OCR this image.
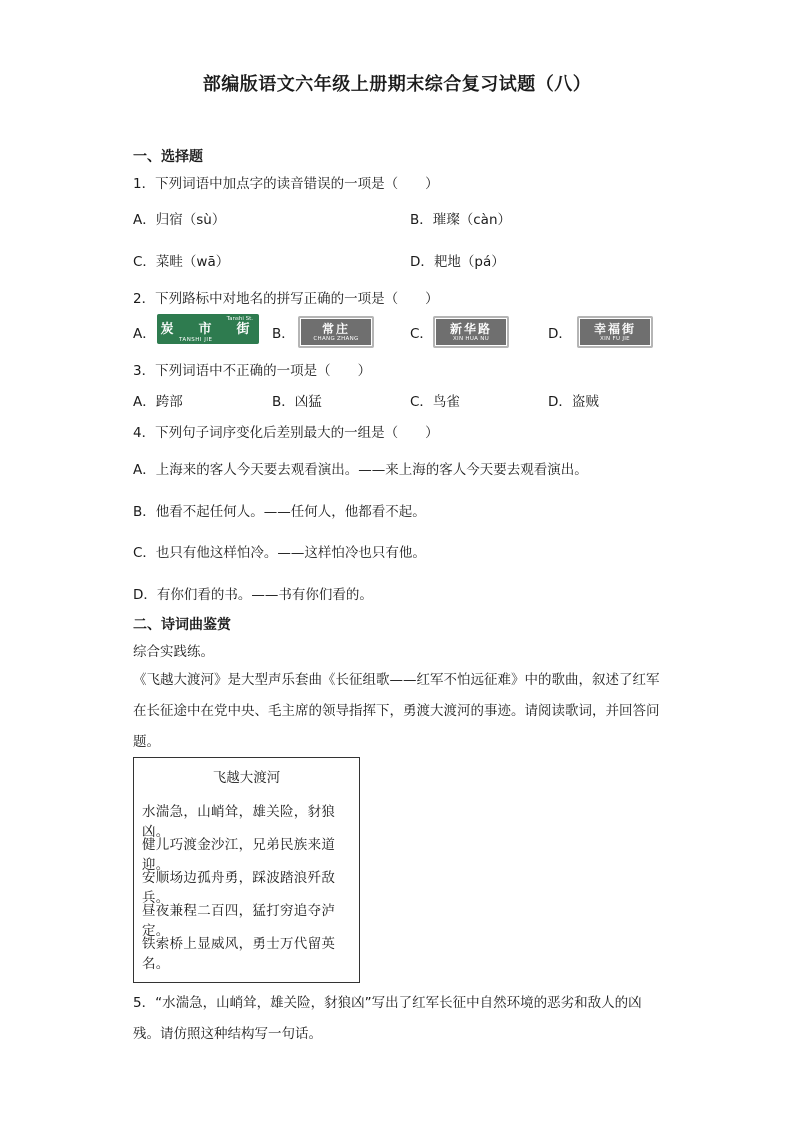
部编版语文六年级上册期末综合复习试题（八）
一、选择题
1．下列词语中加点字的读音错误的一项是（　　）
A．归宿（sù）	B．璀璨（càn）
C．菜畦（wā）	D．耙地（pá）
2．下列路标中对地名的拼写正确的一项是（　　）
A．
Tanshi St.
炭　市　街
TANSHI JIE	B． 常庄
CHANG ZHANG	C． 新华路
XIN HUA NU	D． 幸福街
XIN FU JIE
3．下列词语中不正确的一项是（　　）
A．跨部	B．凶猛	C．鸟雀	D．盗贼
4．下列句子词序变化后差别最大的一组是（　　）
A．上海来的客人今天要去观看演出。——来上海的客人今天要去观看演出。
B．他看不起任何人。——任何人，他都看不起。
C．也只有他这样怕冷。——这样怕冷也只有他。
D．有你们看的书。——书有你们看的。
二、诗词曲鉴赏
综合实践练。
《飞越大渡河》是大型声乐套曲《长征组歌——红军不怕远征难》中的歌曲，叙述了红军在长征途中在党中央、毛主席的领导指挥下，勇渡大渡河的事迹。请阅读歌词，并回答问题。
飞越大渡河
水湍急，山峭耸，雄关险，豺狼凶。
健儿巧渡金沙江，兄弟民族来道迎。
安顺场边孤舟勇，踩波踏浪歼敌兵。
昼夜兼程二百四，猛打穷追夺泸定。
铁索桥上显威风，勇士万代留英名。
5．“水湍急，山峭耸，雄关险，豺狼凶”写出了红军长征中自然环境的恶劣和敌人的凶残。请仿照这种结构写一句话。
